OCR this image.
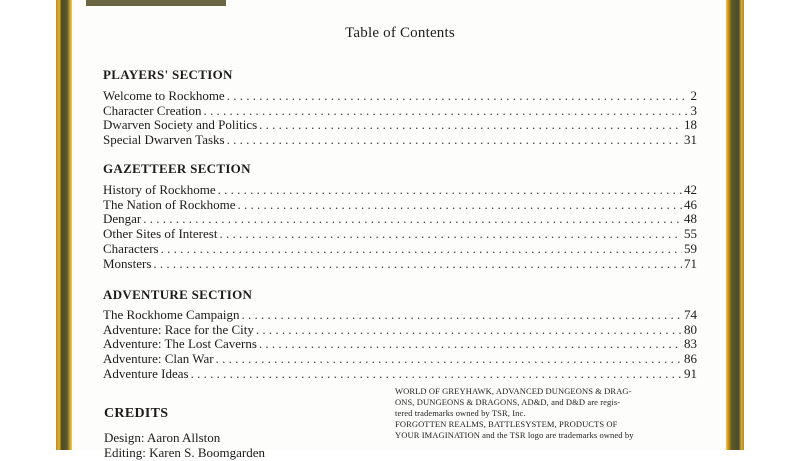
Table of Contents
PLAYERS' SECTION
Welcome to Rockhome . . .	2
Character Creation . . .	3
Dwarven Society and Politics . . .	18
Special Dwarven Tasks . . .	31
GAZETTEER SECTION
History of Rockhome . . .	42
The Nation of Rockhome . . .	46
Dengar . . .	48
Other Sites of Interest . . .	55
Characters . . .	59
Monsters . . .	71
ADVENTURE SECTION
The Rockhome Campaign . . .	74
Adventure: Race for the City . . .	80
Adventure: The Lost Caverns . . .	83
Adventure: Clan War . . .	86
Adventure Ideas . . .	91
CREDITS
Design: Aaron Allston
Editing: Karen S. Boomgarden

WORLD OF GREYHAWK, ADVANCED DUNGEONS & DRAG-

ONS, DUNGEONS & DRAGONS, AD&D, and D&D are regis-

tered trademarks owned by TSR, Inc.

FORGOTTEN REALMS, BATTLESYSTEM, PRODUCTS OF

YOUR IMAGINATION and the TSR logo are trademarks owned by
